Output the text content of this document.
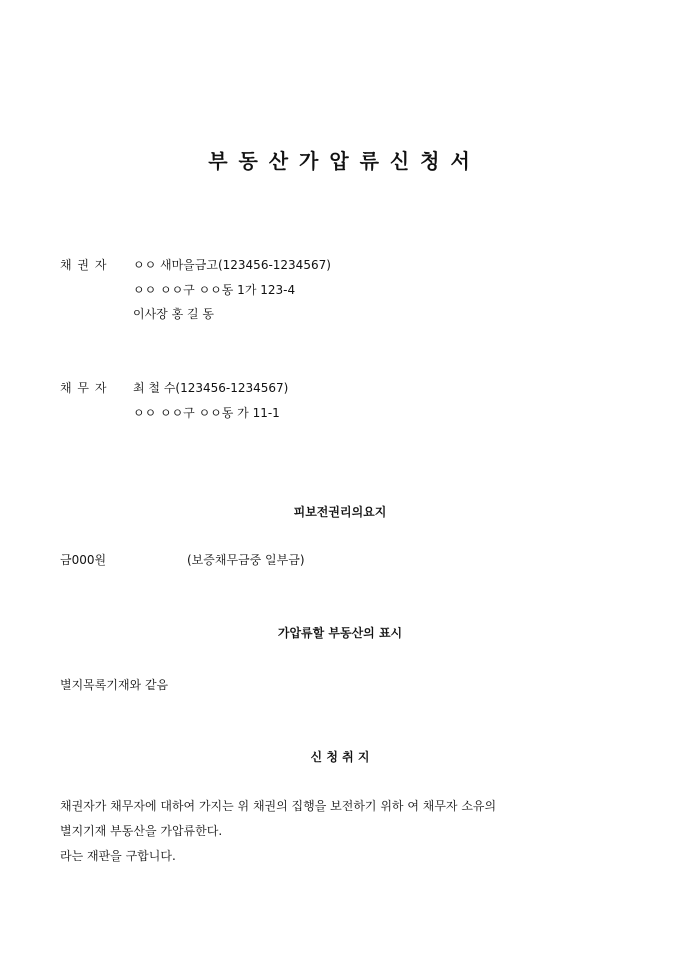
부 동 산 가 압 류 신 청 서
채 권 자 ㅇㅇ 새마을금고(123456-1234567)
ㅇㅇ ㅇㅇ구 ㅇㅇ동 1가 123-4
이사장 홍 길 동
채 무 자 최 철 수(123456-1234567)
ㅇㅇ ㅇㅇ구 ㅇㅇ동 가 11-1
피보전권리의요지
금000원	(보증채무금중 일부금)
가압류할 부동산의 표시
별지목록기재와 같음
신 청 취 지
채권자가 채무자에 대하여 가지는 위 채권의 집행을 보전하기 위하 여 채무자 소유의
별지기재 부동산을 가압류한다.
라는 재판을 구합니다.
